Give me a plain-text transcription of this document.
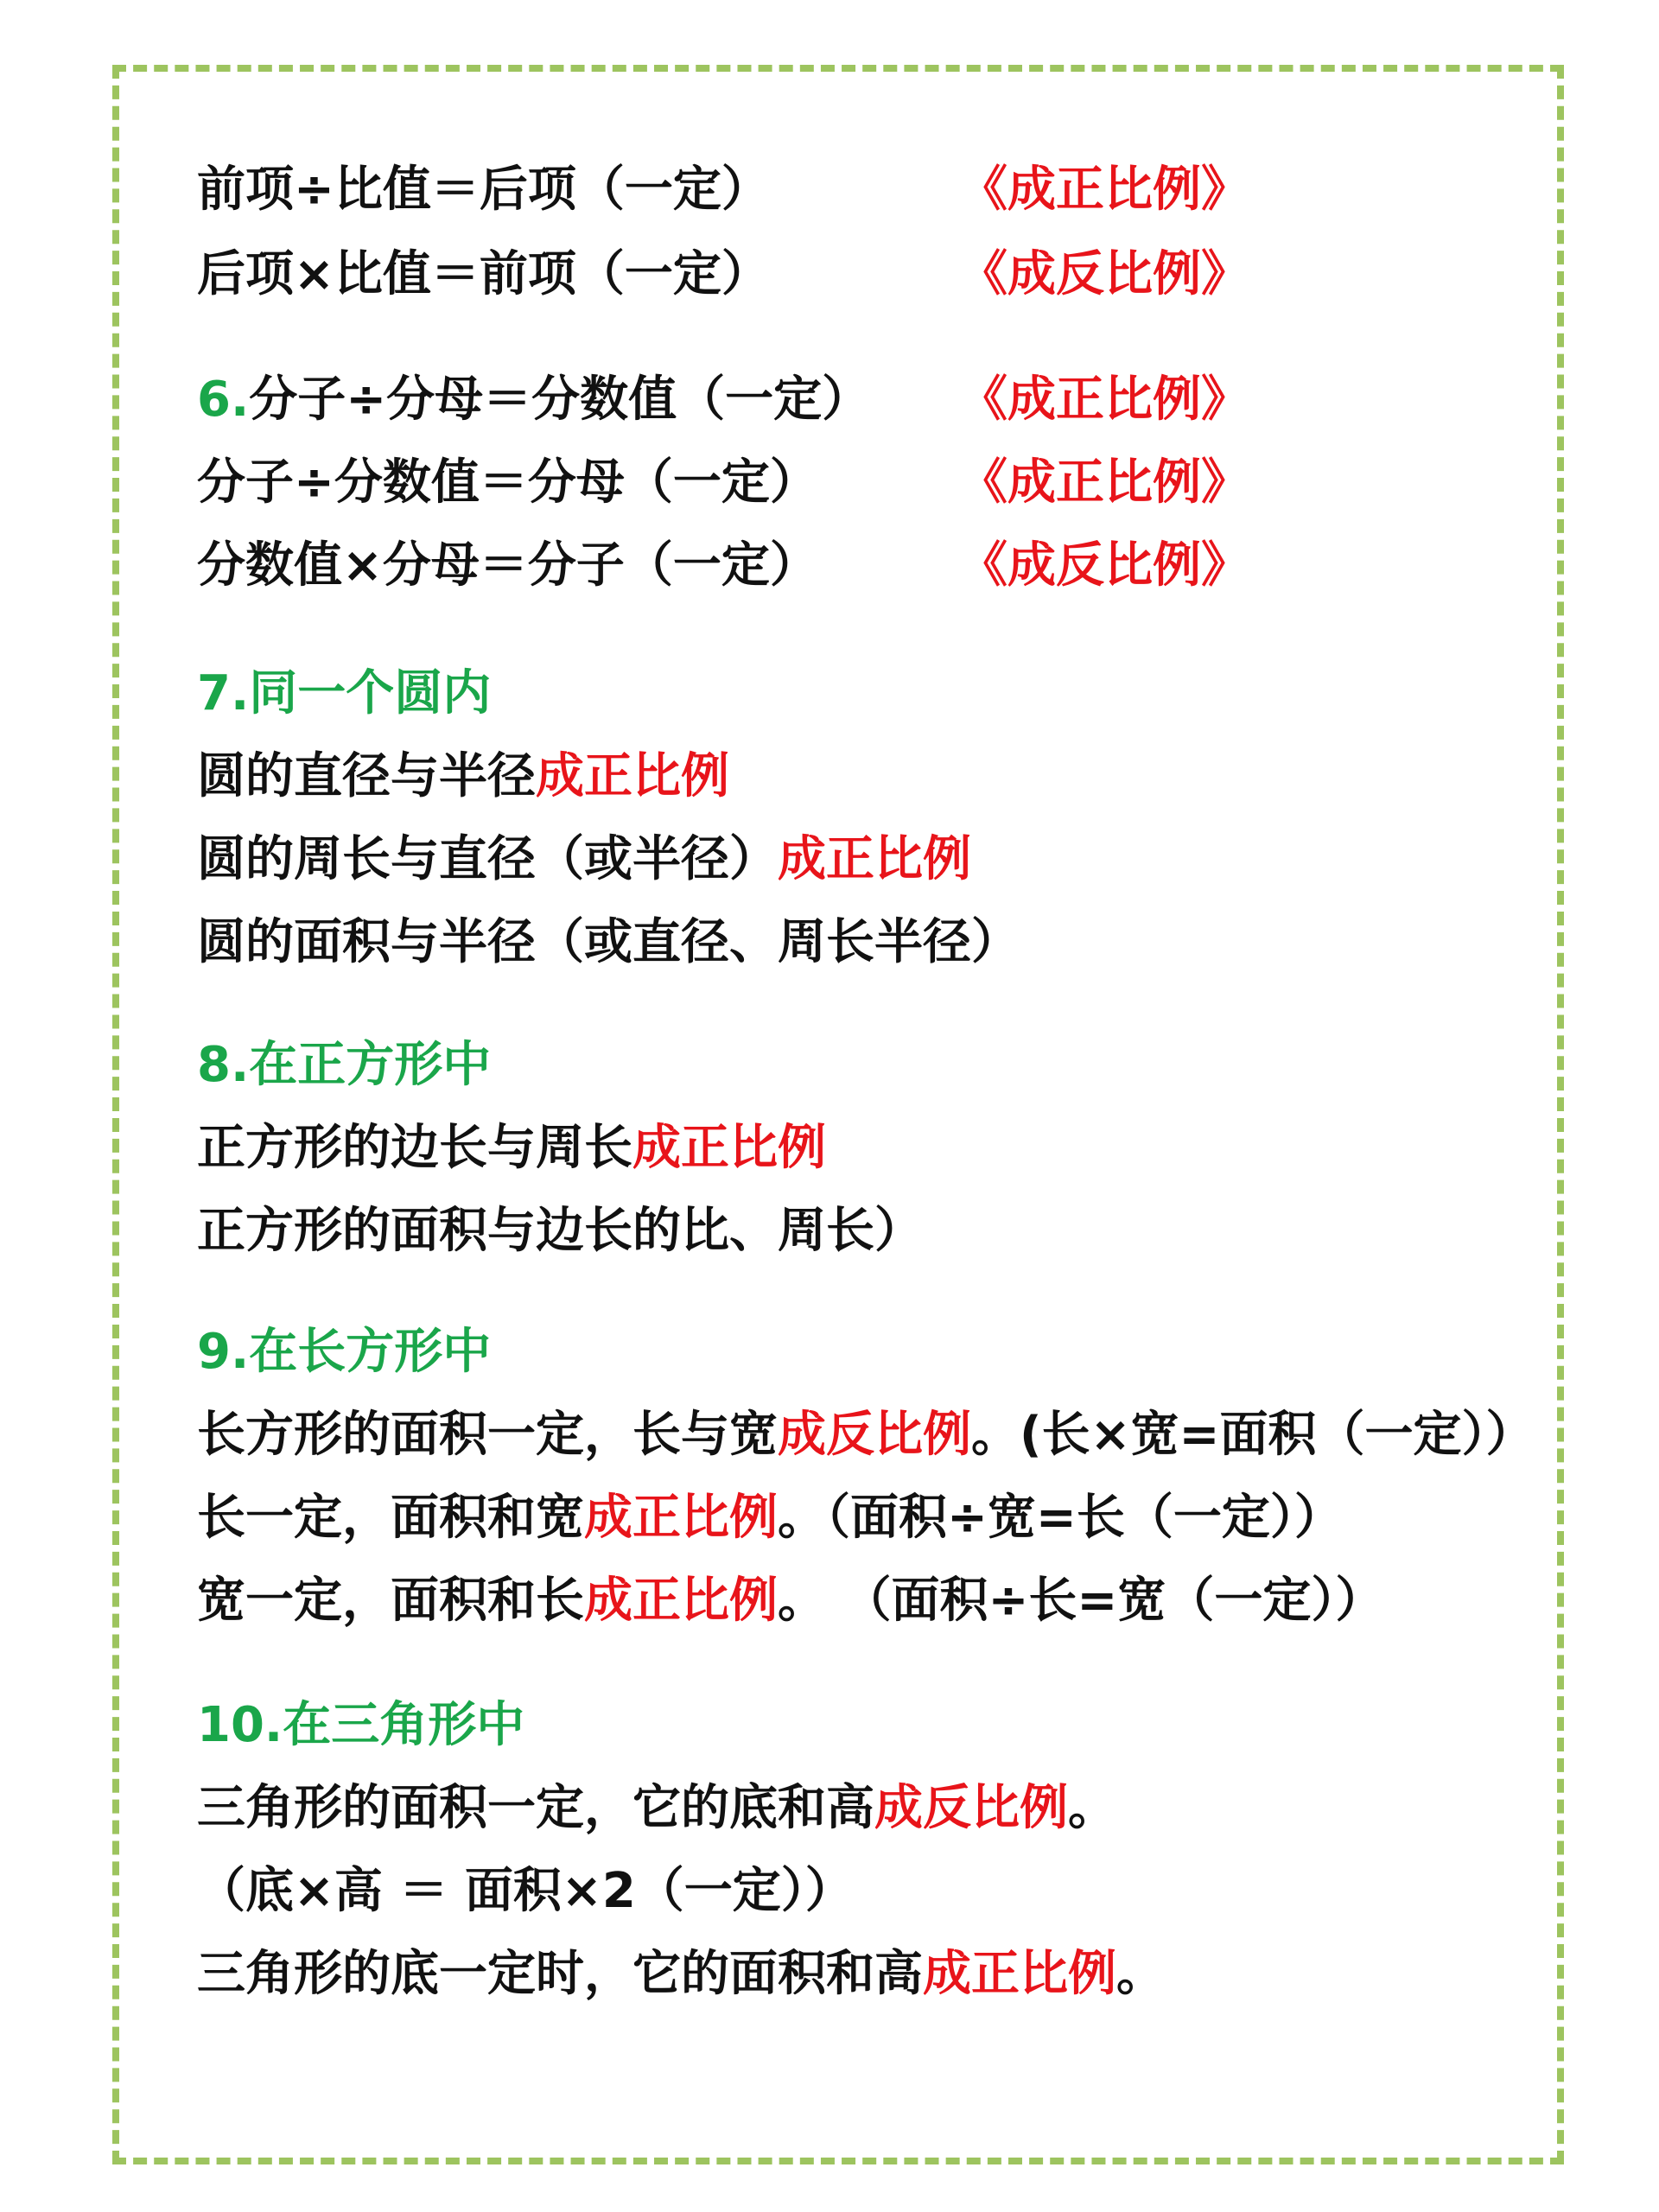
前项÷比值＝后项（一定）	《成正比例》
后项×比值＝前项（一定）	《成反比例》
6.分子÷分母＝分数值（一定） 《成正比例》
分子÷分数值＝分母（一定）	《成正比例》
分数值×分母＝分子（一定）	《成反比例》
7.同一个圆内
圆的直径与半径成正比例
圆的周长与直径（或半径）成正比例
圆的面积与半径（或直径、周长半径）
8.在正方形中
正方形的边长与周长成正比例
正方形的面积与边长的比、周长）
9.在长方形中
长方形的面积一定，长与宽成反比例。(长×宽=面积（一定））
长一定，面积和宽成正比例。（面积÷宽=长（一定））
宽一定，面积和长成正比例。 （面积÷长=宽（一定））
10.在三角形中
三角形的面积一定，它的底和高成反比例。
（底×高 ＝ 面积×2（一定））
三角形的底一定时，它的面积和高成正比例。
